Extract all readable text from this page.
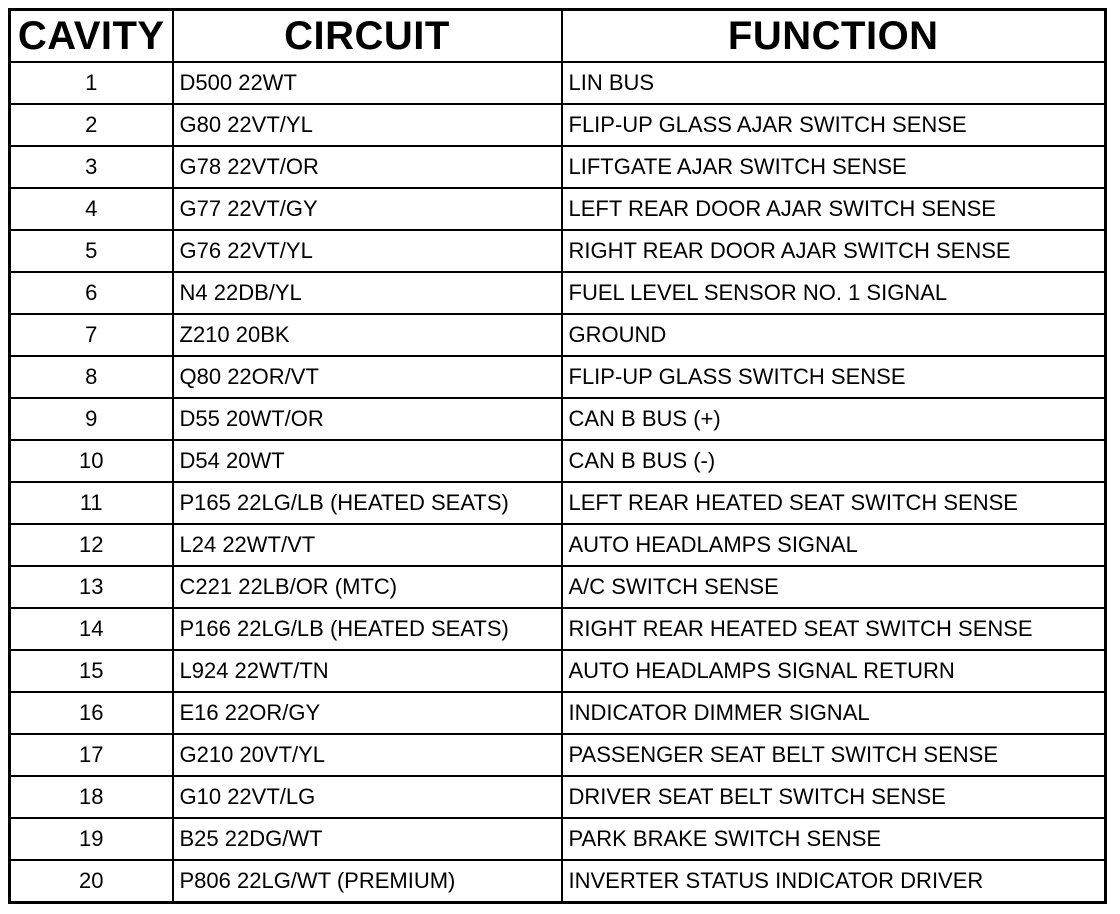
CAVITY	CIRCUIT	FUNCTION
1	D500 22WT	LIN BUS
2	G80 22VT/YL	FLIP-UP GLASS AJAR SWITCH SENSE
3	G78 22VT/OR	LIFTGATE AJAR SWITCH SENSE
4	G77 22VT/GY	LEFT REAR DOOR AJAR SWITCH SENSE
5	G76 22VT/YL	RIGHT REAR DOOR AJAR SWITCH SENSE
6	N4 22DB/YL	FUEL LEVEL SENSOR NO. 1 SIGNAL
7	Z210 20BK	GROUND
8	Q80 22OR/VT	FLIP-UP GLASS SWITCH SENSE
9	D55 20WT/OR	CAN B BUS (+)
10	D54 20WT	CAN B BUS (-)
11	P165 22LG/LB (HEATED SEATS)	LEFT REAR HEATED SEAT SWITCH SENSE
12	L24 22WT/VT	AUTO HEADLAMPS SIGNAL
13	C221 22LB/OR (MTC)	A/C SWITCH SENSE
14	P166 22LG/LB (HEATED SEATS)	RIGHT REAR HEATED SEAT SWITCH SENSE
15	L924 22WT/TN	AUTO HEADLAMPS SIGNAL RETURN
16	E16 22OR/GY	INDICATOR DIMMER SIGNAL
17	G210 20VT/YL	PASSENGER SEAT BELT SWITCH SENSE
18	G10 22VT/LG	DRIVER SEAT BELT SWITCH SENSE
19	B25 22DG/WT	PARK BRAKE SWITCH SENSE
20	P806 22LG/WT (PREMIUM)	INVERTER STATUS INDICATOR DRIVER
